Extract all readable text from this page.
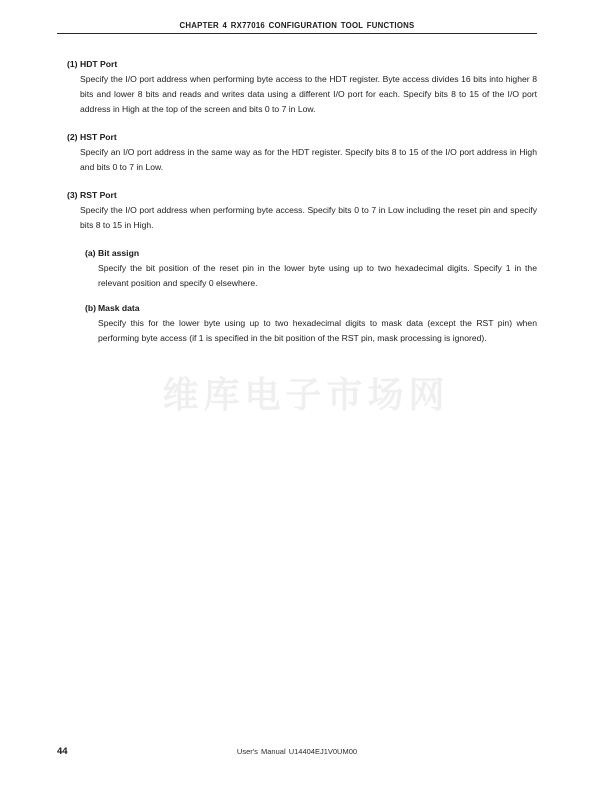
CHAPTER 4 RX77016 CONFIGURATION TOOL FUNCTIONS
(1) HDT Port
Specify the I/O port address when performing byte access to the HDT register. Byte access divides 16 bits into higher 8 bits and lower 8 bits and reads and writes data using a different I/O port for each. Specify bits 8 to 15 of the I/O port address in High at the top of the screen and bits 0 to 7 in Low.
(2) HST Port
Specify an I/O port address in the same way as for the HDT register. Specify bits 8 to 15 of the I/O port address in High and bits 0 to 7 in Low.
(3) RST Port
Specify the I/O port address when performing byte access. Specify bits 0 to 7 in Low including the reset pin and specify bits 8 to 15 in High.
(a) Bit assign
Specify the bit position of the reset pin in the lower byte using up to two hexadecimal digits. Specify 1 in the relevant position and specify 0 elsewhere.
(b) Mask data
Specify this for the lower byte using up to two hexadecimal digits to mask data (except the RST pin) when performing byte access (if 1 is specified in the bit position of the RST pin, mask processing is ignored).
维库电子市场网
44	User's Manual U14404EJ1V0UM00
